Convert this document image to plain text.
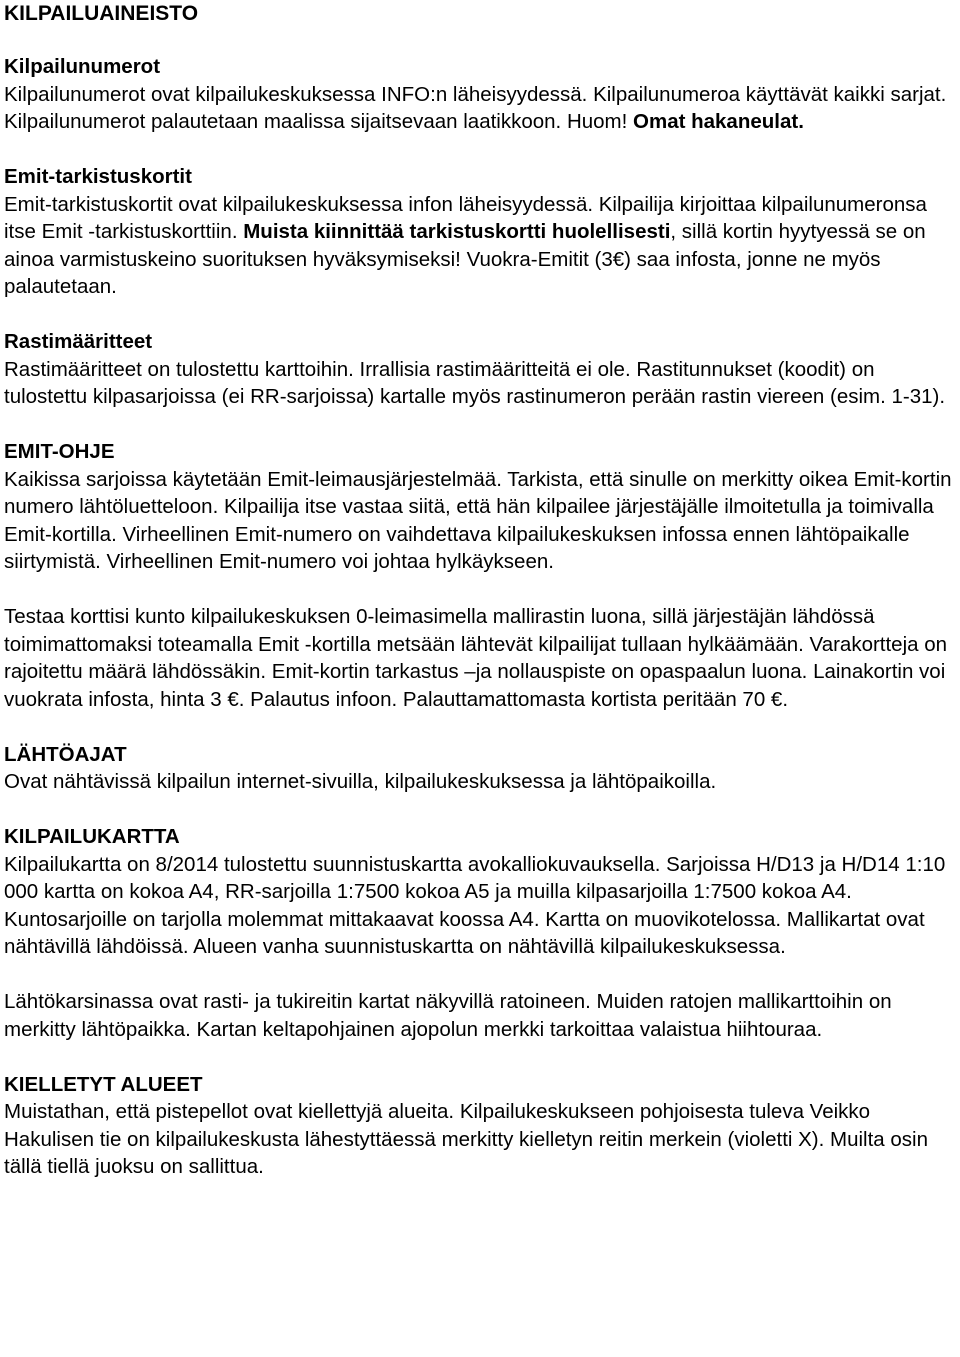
KILPAILUAINEISTO
Kilpailunumerot

Kilpailunumerot ovat kilpailukeskuksessa INFO:n läheisyydessä. Kilpailunumeroa käyttävät kaikki sarjat. Kilpailunumerot palautetaan maalissa sijaitsevaan laatikkoon. Huom! Omat hakaneulat.

Emit-tarkistuskortit

Emit-tarkistuskortit ovat kilpailukeskuksessa infon läheisyydessä. Kilpailija kirjoittaa kilpailunumeronsa itse Emit -tarkistuskorttiin. Muista kiinnittää tarkistuskortti huolellisesti, sillä kortin hyytyessä se on ainoa varmistuskeino suorituksen hyväksymiseksi! Vuokra-Emitit (3€) saa infosta, jonne ne myös palautetaan.

Rastimääritteet

Rastimääritteet on tulostettu karttoihin. Irrallisia rastimääritteitä ei ole. Rastitunnukset (koodit) on tulostettu kilpasarjoissa (ei RR-sarjoissa) kartalle myös rastinumeron perään rastin viereen (esim. 1-31).

EMIT-OHJE

Kaikissa sarjoissa käytetään Emit-leimausjärjestelmää. Tarkista, että sinulle on merkitty oikea Emit-kortin numero lähtöluetteloon. Kilpailija itse vastaa siitä, että hän kilpailee järjestäjälle ilmoitetulla ja toimivalla Emit-kortilla. Virheellinen Emit-numero on vaihdettava kilpailukeskuksen infossa ennen lähtöpaikalle siirtymistä. Virheellinen Emit-numero voi johtaa hylkäykseen.

Testaa korttisi kunto kilpailukeskuksen 0-leimasimella mallirastin luona, sillä järjestäjän lähdössä toimimattomaksi toteamalla Emit -kortilla metsään lähtevät kilpailijat tullaan hylkäämään. Varakortteja on rajoitettu määrä lähdössäkin. Emit-kortin tarkastus –ja nollauspiste on opaspaalun luona. Lainakortin voi vuokrata infosta, hinta 3 €. Palautus infoon. Palauttamattomasta kortista peritään 70 €.

LÄHTÖAJAT

Ovat nähtävissä kilpailun internet-sivuilla, kilpailukeskuksessa ja lähtöpaikoilla.

KILPAILUKARTTA

Kilpailukartta on 8/2014 tulostettu suunnistuskartta avokalliokuvauksella. Sarjoissa H/D13 ja H/D14 1:10 000 kartta on kokoa A4, RR-sarjoilla 1:7500 kokoa A5 ja muilla kilpasarjoilla 1:7500 kokoa A4. Kuntosarjoille on tarjolla molemmat mittakaavat koossa A4. Kartta on muovikotelossa. Mallikartat ovat nähtävillä lähdöissä. Alueen vanha suunnistuskartta on nähtävillä kilpailukeskuksessa.

Lähtökarsinassa ovat rasti- ja tukireitin kartat näkyvillä ratoineen. Muiden ratojen mallikarttoihin on merkitty lähtöpaikka. Kartan keltapohjainen ajopolun merkki tarkoittaa valaistua hiihtouraa.

KIELLETYT ALUEET

Muistathan, että pistepellot ovat kiellettyjä alueita. Kilpailukeskukseen pohjoisesta tuleva Veikko Hakulisen tie on kilpailukeskusta lähestyttäessä merkitty kielletyn reitin merkein (violetti X). Muilta osin tällä tiellä juoksu on sallittua.
